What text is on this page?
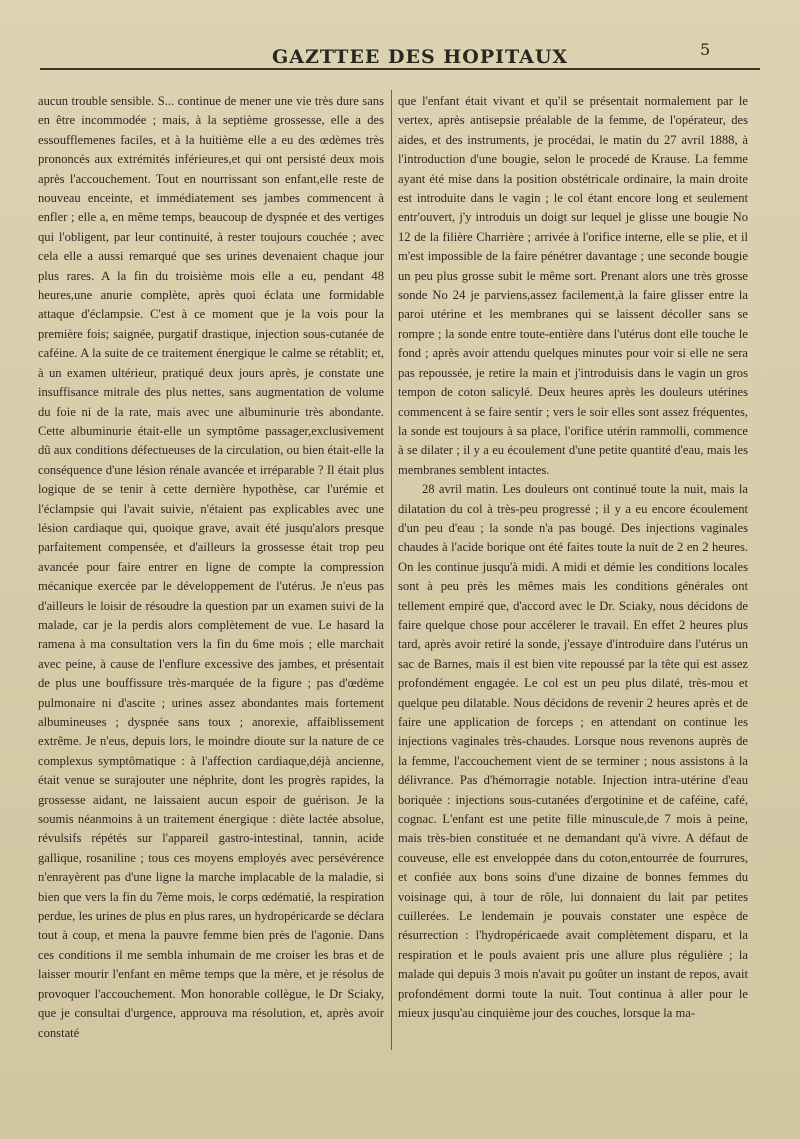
GAZTTEE DES HOPITAUX	5

aucun trouble sensible. S... continue de mener une vie très dure sans en être incommodée ; mais, à la septième grossesse, elle a des essoufflemenes faciles, et à la huitième elle a eu des œdèmes très prononcés aux extrémités inférieures,et qui ont persisté deux mois après l'accouchement. Tout en nourrissant son enfant,elle reste de nouveau enceinte, et immédiatement ses jambes commencent à enfler ; elle a, en même temps, beaucoup de dyspnée et des vertiges qui l'obligent, par leur continuité, à rester toujours couchée ; avec cela elle a aussi remarqué que ses urines devenaient chaque jour plus rares. A la fin du troisième mois elle a eu, pendant 48 heures,une anurie complète, après quoi éclata une formidable attaque d'éclampsie. C'est à ce moment que je la vois pour la première fois; saignée, purgatif drastique, injection sous-cutanée de caféine. A la suite de ce traitement énergique le calme se rétablit; et, à un examen ultérieur, pratiqué deux jours après, je constate une insuffisance mitrale des plus nettes, sans augmentation de volume du foie ni de la rate, mais avec une albuminurie très abondante. Cette albuminurie était-elle un symptôme passager,exclusivement dû aux conditions défectueuses de la circulation, ou bien était-elle la conséquence d'une lésion rénale avancée et irréparable ? Il était plus logique de se tenir à cette dernière hypothèse, car l'urémie et l'éclampsie qui l'avait suivie, n'étaient pas explicables avec une lésion cardiaque qui, quoique grave, avait été jusqu'alors presque parfaitement compensée, et d'ailleurs la grossesse était trop peu avancée pour faire entrer en ligne de compte la compression mécanique exercée par le développement de l'utérus. Je n'eus pas d'ailleurs le loisir de résoudre la question par un examen suivi de la malade, car je la perdis alors complètement de vue. Le hasard la ramena à ma consultation vers la fin du 6me mois ; elle marchait avec peine, à cause de l'enflure excessive des jambes, et présentait de plus une bouffissure très-marquée de la figure ; pas d'œdème pulmonaire ni d'ascite ; urines assez abondantes mais fortement albumineuses ; dyspnée sans toux ; anorexie, affaiblissement extrême. Je n'eus, depuis lors, le moindre dioute sur la nature de ce complexus symptômatique : à l'affection cardiaque,déjà ancienne, était venue se surajouter une néphrite, dont les progrès rapides, la grossesse aidant, ne laissaient aucun espoir de guérison. Je la soumis néanmoins à un traitement énergique : diète lactée absolue, révulsifs répétés sur l'appareil gastro-intestinal, tannin, acide gallique, rosaniline ; tous ces moyens employés avec persévérence n'enrayèrent pas d'une ligne la marche implacable de la maladie, si bien que vers la fin du 7ème mois, le corps œdématié, la respiration perdue, les urines de plus en plus rares, un hydropéricarde se déclara tout à coup, et mena la pauvre femme bien près de l'agonie. Dans ces conditions il me sembla inhumain de me croiser les bras et de laisser mourir l'enfant en même temps que la mère, et je résolus de provoquer l'accouchement. Mon honorable collègue, le Dr Sciaky, que je consultai d'urgence, approuva ma résolution, et, après avoir constaté

que l'enfant était vivant et qu'il se présentait normalement par le vertex, après antisepsie préalable de la femme, de l'opérateur, des aides, et des instruments, je procédai, le matin du 27 avril 1888, à l'introduction d'une bougie, selon le procedé de Krause. La femme ayant été mise dans la position obstétricale ordinaire, la main droite est introduite dans le vagin ; le col étant encore long et seulement entr'ouvert, j'y introduis un doigt sur lequel je glisse une bougie No 12 de la filière Charrière ; arrivée à l'orifice interne, elle se plie, et il m'est impossible de la faire pénétrer davantage ; une seconde bougie un peu plus grosse subit le même sort. Prenant alors une très grosse sonde No 24 je parviens,assez facilement,à la faire glisser entre la paroi utérine et les membranes qui se laissent décoller sans se rompre ; la sonde entre toute-entière dans l'utérus dont elle touche le fond ; après avoir attendu quelques minutes pour voir si elle ne sera pas repoussée, je retire la main et j'introduisis dans le vagin un gros tempon de coton salicylé. Deux heures après les douleurs utérines commencent à se faire sentir ; vers le soir elles sont assez fréquentes, la sonde est toujours à sa place, l'orifice utérin rammolli, commence à se dilater ; il y a eu écoulement d'une petite quantité d'eau, mais les membranes semblent intactes.

28 avril matin. Les douleurs ont continué toute la nuit, mais la dilatation du col à très-peu progressé ; il y a eu encore écoulement d'un peu d'eau ; la sonde n'a pas bougé. Des injections vaginales chaudes à l'acide borique ont été faites toute la nuit de 2 en 2 heures. On les continue jusqu'à midi. A midi et démie les conditions locales sont à peu près les mêmes mais les conditions générales ont tellement empiré que, d'accord avec le Dr. Sciaky, nous décidons de faire quelque chose pour accélerer le travail. En effet 2 heures plus tard, après avoir retiré la sonde, j'essaye d'introduire dans l'utérus un sac de Barnes, mais il est bien vite repoussé par la tête qui est assez profondément engagée. Le col est un peu plus dilaté, très-mou et quelque peu dilatable. Nous décidons de revenir 2 heures après et de faire une application de forceps ; en attendant on continue les injections vaginales très-chaudes. Lorsque nous revenons auprès de la femme, l'accouchement vient de se terminer ; nous assistons à la délivrance. Pas d'hémorragie notable. Injection intra-utérine d'eau boriquée : injections sous-cutanées d'ergotinine et de caféine, café, cognac. L'enfant est une petite fille minuscule,de 7 mois à peine, mais très-bien constituée et ne demandant qu'à vivre. A défaut de couveuse, elle est enveloppée dans du coton,entourrée de fourrures, et confiée aux bons soins d'une dizaine de bonnes femmes du voisinage qui, à tour de rôle, lui donnaient du lait par petites cuillerées. Le lendemain je pouvais constater une espèce de résurrection : l'hydropéricaede avait complètement disparu, et la respiration et le pouls avaient pris une allure plus régulière ; la malade qui depuis 3 mois n'avait pu goûter un instant de repos, avait profondément dormi toute la nuit. Tout continua à aller pour le mieux jusqu'au cinquième jour des couches, lorsque la ma-
